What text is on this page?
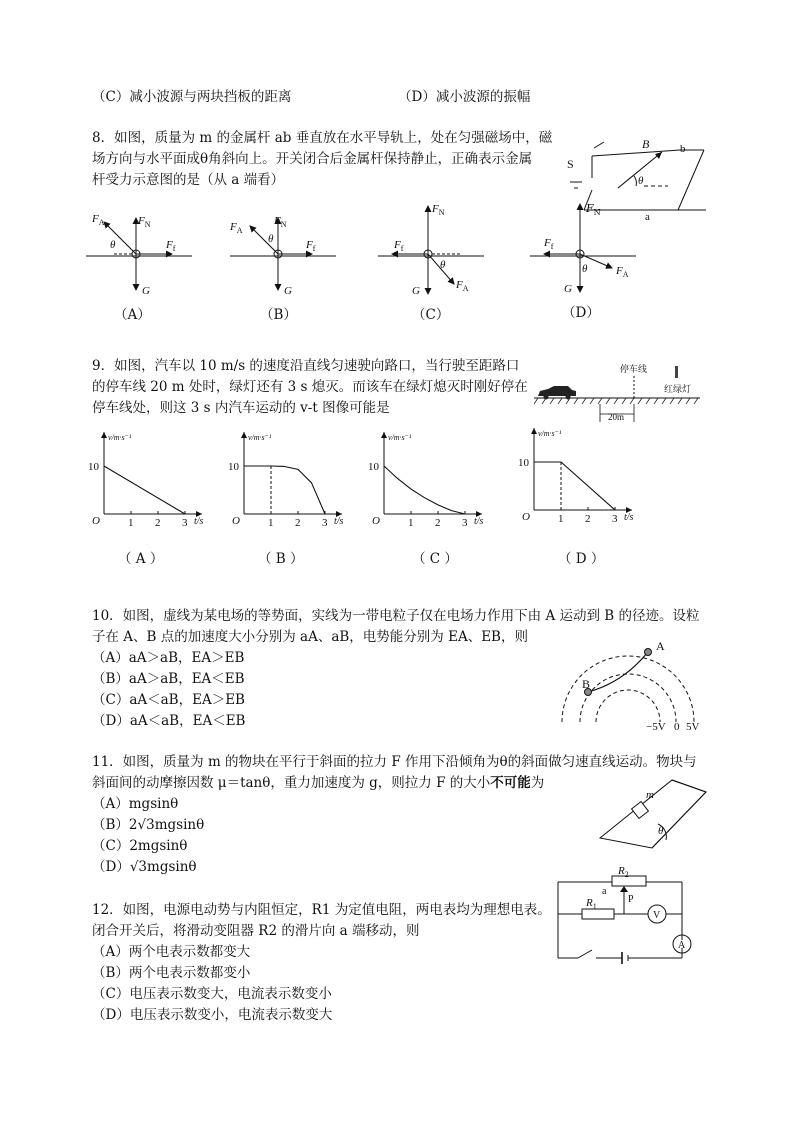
（C）减小波源与两块挡板的距离	（D）减小波源的振幅
8．如图，质量为 m 的金属杆 ab 垂直放在水平导轨上，处在匀强磁场中，磁
场方向与水平面成θ角斜向上。开关闭合后金属杆保持静止，正确表示金属
杆受力示意图的是（从 a 端看）
S
B	b
a
θ
$F_N$
$F_A$	$F_N$
$F_f$
G
θ
$F_A$
$F_N$
$F_f$
G
θ
$F_N$
$F_f$
$F_A$
G
θ
$F_f$
$F_A$
G
θ
（A）	（B）	（C）	（D）
9．如图，汽车以 10 m/s 的速度沿直线匀速驶向路口，当行驶至距路口
的停车线 20 m 处时，绿灯还有 3 s 熄灭。而该车在绿灯熄灭时刚好停在
停车线处，则这 3 s 内汽车运动的 v-t 图像可能是
停车线
红绿灯
20m
v/m·s⁻¹
t/s
O
10
1 2 3
v/m·s⁻¹
t/s
O
10
1 2 3
v/m·s⁻¹
t/s
O
10
1 2 3
v/m·s⁻¹
t/s
O
10
1 2 3
（ A ）	（ B ）	（ C ）	（ D ）
10．如图，虚线为某电场的等势面，实线为一带电粒子仅在电场力作用下由 A 运动到 B 的径迹。设粒
子在 A、B 点的加速度大小分别为 aA、aB，电势能分别为 EA、EB，则
（A）aA＞aB，EA＞EB
（B）aA＞aB，EA＜EB
（C）aA＜aB，EA＞EB
（D）aA＜aB，EA＜EB
A
B
−5V 0 5V
11．如图，质量为 m 的物块在平行于斜面的拉力 F 作用下沿倾角为θ的斜面做匀速直线运动。物块与
斜面间的动摩擦因数 μ＝tanθ，重力加速度为 g，则拉力 F 的大小不可能为
（A）mgsinθ
（B）2√3mgsinθ
（C）2mgsinθ
（D）√3mgsinθ
m
θ
12．如图，电源电动势与内阻恒定，R1 为定值电阻，两电表均为理想电表。
闭合开关后，将滑动变阻器 R2 的滑片向 a 端移动，则
（A）两个电表示数都变大
（B）两个电表示数都变小
（C）电压表示数变大，电流表示数变小
（D）电压表示数变小，电流表示数变大
$R_2$
$R_1$
a
P
V
A
